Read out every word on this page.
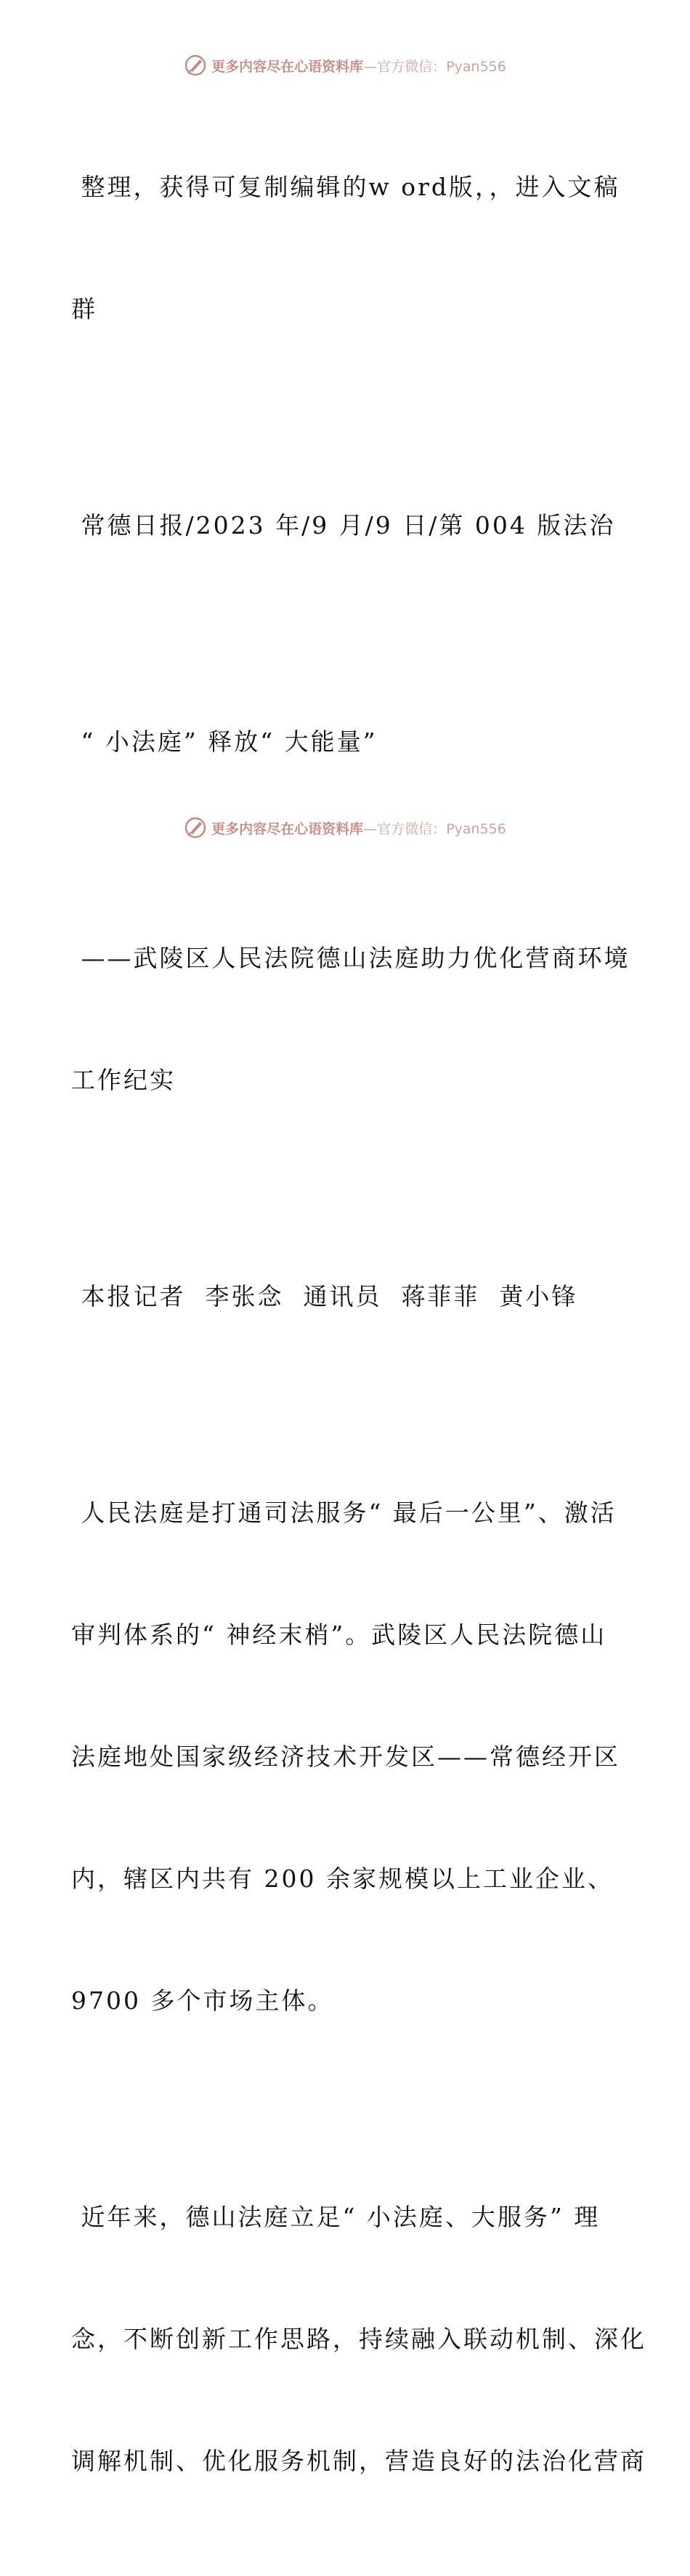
更多内容尽在心语资料库—官方微信：Pyan556

整理，获得可复制编辑的w ord版，，进入文稿

群

常德日报/2023 年/9 月/9 日/第 004 版法治

“ 小法庭” 释放“ 大能量”

——武陵区人民法院德山法庭助力优化营商环境

工作纪实

本报记者  李张念  通讯员  蒋菲菲  黄小锋

人民法庭是打通司法服务“ 最后一公里”、激活

审判体系的“ 神经末梢”。武陵区人民法院德山

法庭地处国家级经济技术开发区——常德经开区

内，辖区内共有 200 余家规模以上工业企业、

9700 多个市场主体。

近年来，德山法庭立足“ 小法庭、大服务” 理

念，不断创新工作思路，持续融入联动机制、深化

调解机制、优化服务机制，营造良好的法治化营商

更多内容尽在心语资料库—官方微信：Pyan556
